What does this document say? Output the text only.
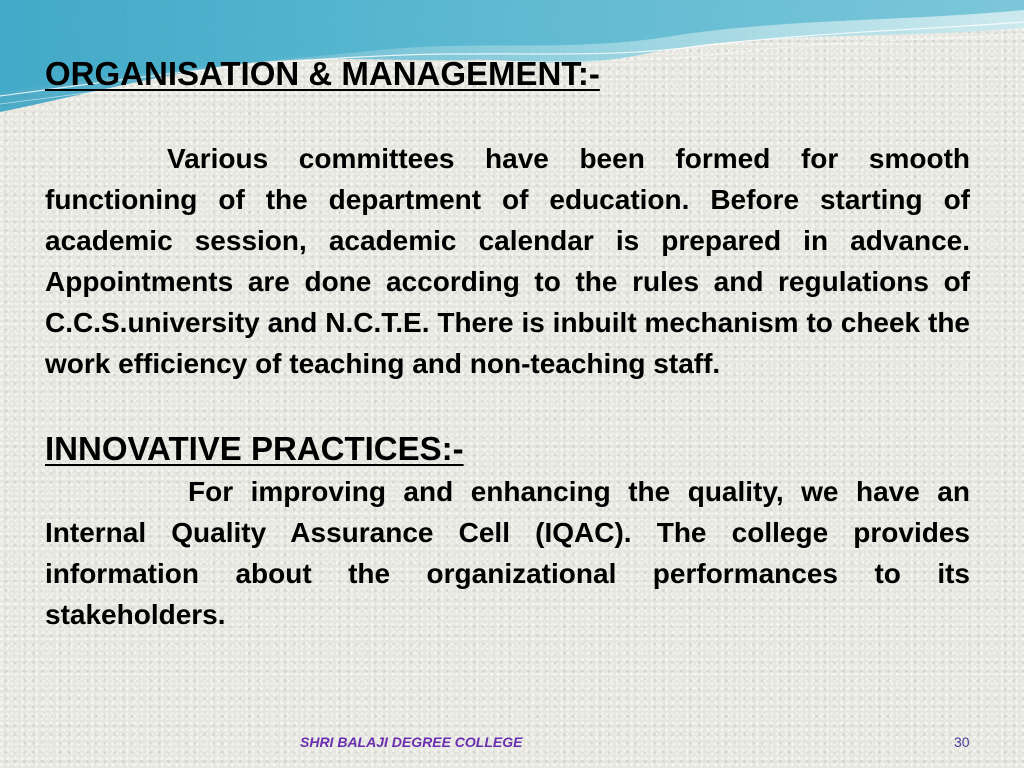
ORGANISATION & MANAGEMENT:-

Various committees have been formed for smooth functioning of the department of education. Before starting of academic session, academic calendar is prepared in advance. Appointments are done according to the rules and regulations of C.C.S.university and N.C.T.E. There is inbuilt mechanism to cheek the work efficiency of teaching and non-teaching staff.

INNOVATIVE PRACTICES:-

For improving and enhancing the quality, we have an Internal Quality Assurance Cell (IQAC). The college provides information about the organizational performances to its stakeholders.

SHRI BALAJI DEGREE COLLEGE	30
